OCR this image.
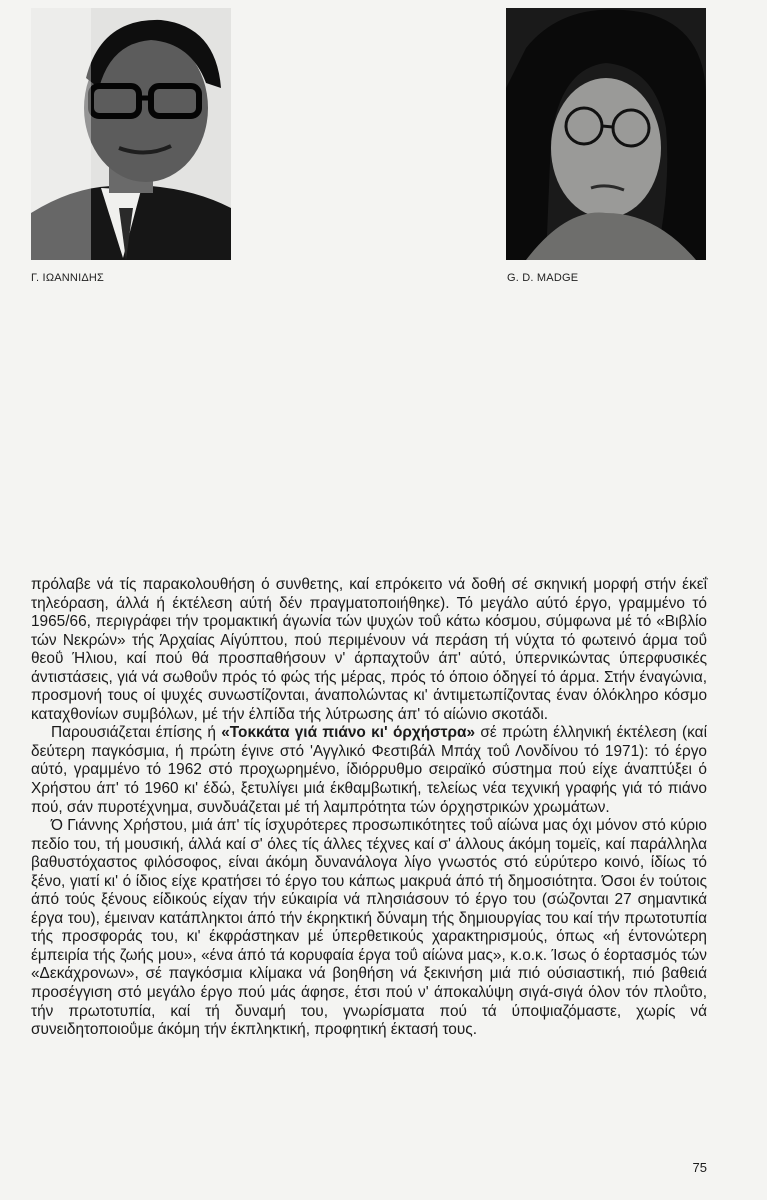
Γ. ΙΩΑΝΝΙΔΗΣ	G. D. MADGE

πρόλαβε νά τίς παρακολουθήση ό συνθετης, καί επρόκειτο νά δοθή σέ σκηνική μορφή στήν έκεΐ τηλεόραση, άλλά ή έκτέλεση αύτή δέν πραγματοποιήθηκε). Τό μεγάλο αύτό έργο, γραμμένο τό 1965/66, περιγράφει τήν τρομακτική άγωνία τών ψυχών τοΰ κάτω κόσμου, σύμφωνα μέ τό «Βιβλίο τών Νεκρών» τής Άρχαίας Αίγύπτου, πού περιμένουν νά περάση τή νύχτα τό φωτεινό άρμα τοΰ θεοΰ Ήλιου, καί πού θά προσπαθήσουν ν' άρπαχτοΰν άπ' αύτό, ύπερνικώντας ύπερφυσικές άντιστάσεις, γιά νά σωθοΰν πρός τό φώς τής μέρας, πρός τό όποιο όδηγεί τό άρμα. Στήν έναγώνια, προσμονή τους οί ψυχές συνωστίζονται, άναπολώντας κι' άντιμετωπίζοντας έναν όλόκληρο κόσμο καταχθονίων συμβόλων, μέ τήν έλπίδα τής λύτρωσης άπ' τό αίώνιο σκοτάδι.

Παρουσιάζεται έπίσης ή «Τοκκάτα γιά πιάνο κι' όρχήστρα» σέ πρώτη έλληνική έκτέλεση (καί δεύτερη παγκόσμια, ή πρώτη έγινε στό 'Αγγλικό Φεστιβάλ Μπάχ τοΰ Λονδίνου τό 1971): τό έργο αύτό, γραμμένο τό 1962 στό προχωρημένο, ίδιόρρυθμο σειραϊκό σύστημα πού είχε άναπτύξει ό Χρήστου άπ' τό 1960 κι' έδώ, ξετυλίγει μιά έκθαμβωτική, τελείως νέα τεχνική γραφής γιά τό πιάνο πού, σάν πυροτέχνημα, συνδυάζεται μέ τή λαμπρότητα τών όρχηστρικών χρωμάτων.

Ό Γιάννης Χρήστου, μιά άπ' τίς ίσχυρότερες προσωπικότητες τοΰ αίώνα μας όχι μόνον στό κύριο πεδίο του, τή μουσική, άλλά καί σ' όλες τίς άλλες τέχνες καί σ' άλλους άκόμη τομεϊς, καί παράλληλα βαθυστόχαστος φιλόσοφος, είναι άκόμη δυνανάλογα λίγο γνωστός στό εύρύτερο κοινό, ίδίως τό ξένο, γιατί κι' ό ίδιος είχε κρατήσει τό έργο του κάπως μακρυά άπό τή δημοσιότητα. Όσοι έν τούτοις άπό τούς ξένους είδικούς είχαν τήν εύκαιρία νά πλησιάσουν τό έργο του (σώζονται 27 σημαντικά έργα του), έμειναν κατάπληκτοι άπό τήν έκρηκτική δύναμη τής δημιουργίας του καί τήν πρωτοτυπία τής προσφοράς του, κι' έκφράστηκαν μέ ύπερθετικούς χαρακτηρισμούς, όπως «ή έντονώτερη έμπειρία τής ζωής μου», «ένα άπό τά κορυφαία έργα τοΰ αίώνα μας», κ.ο.κ. Ίσως ό έορτασμός τών «Δεκάχρονων», σέ παγκόσμια κλίμακα νά βοηθήση νά ξεκινήση μιά πιό ούσιαστική, πιό βαθειά προσέγγιση στό μεγάλο έργο πού μάς άφησε, έτσι πού ν' άποκαλύψη σιγά-σιγά όλον τόν πλοΰτο, τήν πρωτοτυπία, καί τή δυναμή του, γνωρίσματα πού τά ύποψιαζόμαστε, χωρίς νά συνειδητοποιοΰμε άκόμη τήν έκπληκτική, προφητική έκτασή τους.

75
